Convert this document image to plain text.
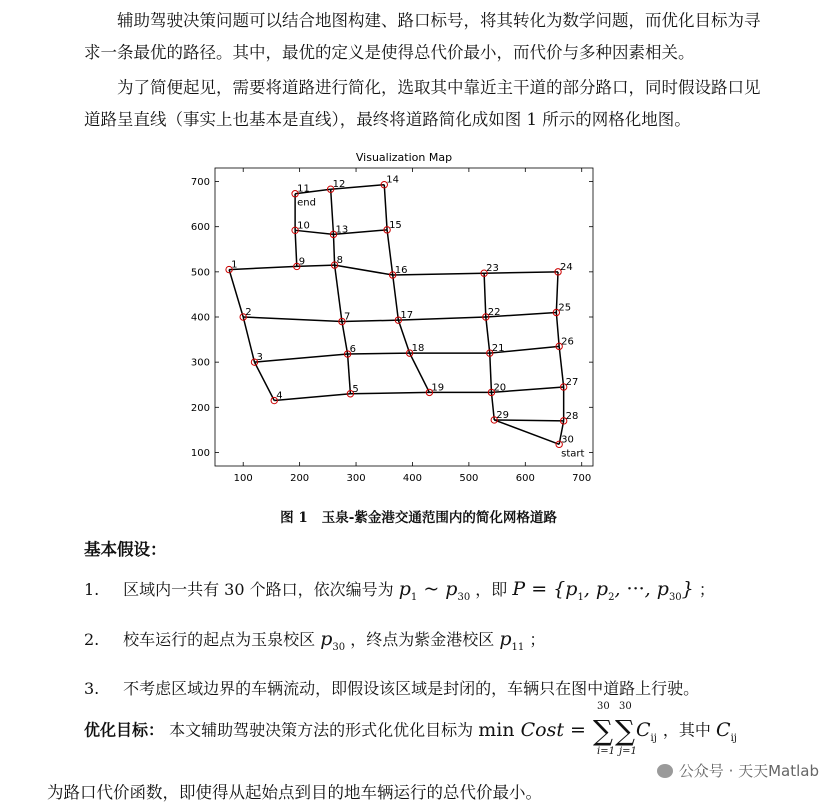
辅助驾驶决策问题可以结合地图构建、路口标号，将其转化为数学问题，而优化目标为寻求一条最优的路径。其中，最优的定义是使得总代价最小，而代价与多种因素相关。

为了简便起见，需要将道路进行简化，选取其中靠近主干道的部分路口，同时假设路口见道路呈直线（事实上也基本是直线），最终将道路简化成如图 1 所示的网格化地图。

Visualization Map
100	200	300	400	500	600	700
100
200
300
400
500
600
700
1
2
3
4
5
6
7
8
9
10
11 12
13
14
15
16
17
18
19	20
21
22
23	24
25
26
27
28
29
30
end
start
图 1 玉泉-紫金港交通范围内的简化网格道路
基本假设：
1. 区域内一共有 30 个路口，依次编号为 $p_1$ ~ $p_{30}$ ，即 $P = \{p_1$, $p_2$, ···, $p_{30}$} ；
2. 校车运行的起点为玉泉校区 $p_{30}$ ，终点为紫金港校区 $p_{11}$ ；
3. 不考虑区域边界的车辆流动，即假设该区域是封闭的，车辆只在图中道路上行驶。
优化目标： 本文辅助驾驶决策方法的形式化优化目标为 min Cost =
30
∑
i=1
30
∑
j=1
$C_{ij}$ ，其中 $C_{ij}$

为路口代价函数，即使得从起始点到目的地车辆运行的总代价最小。

公众号 · 天天Matlab
